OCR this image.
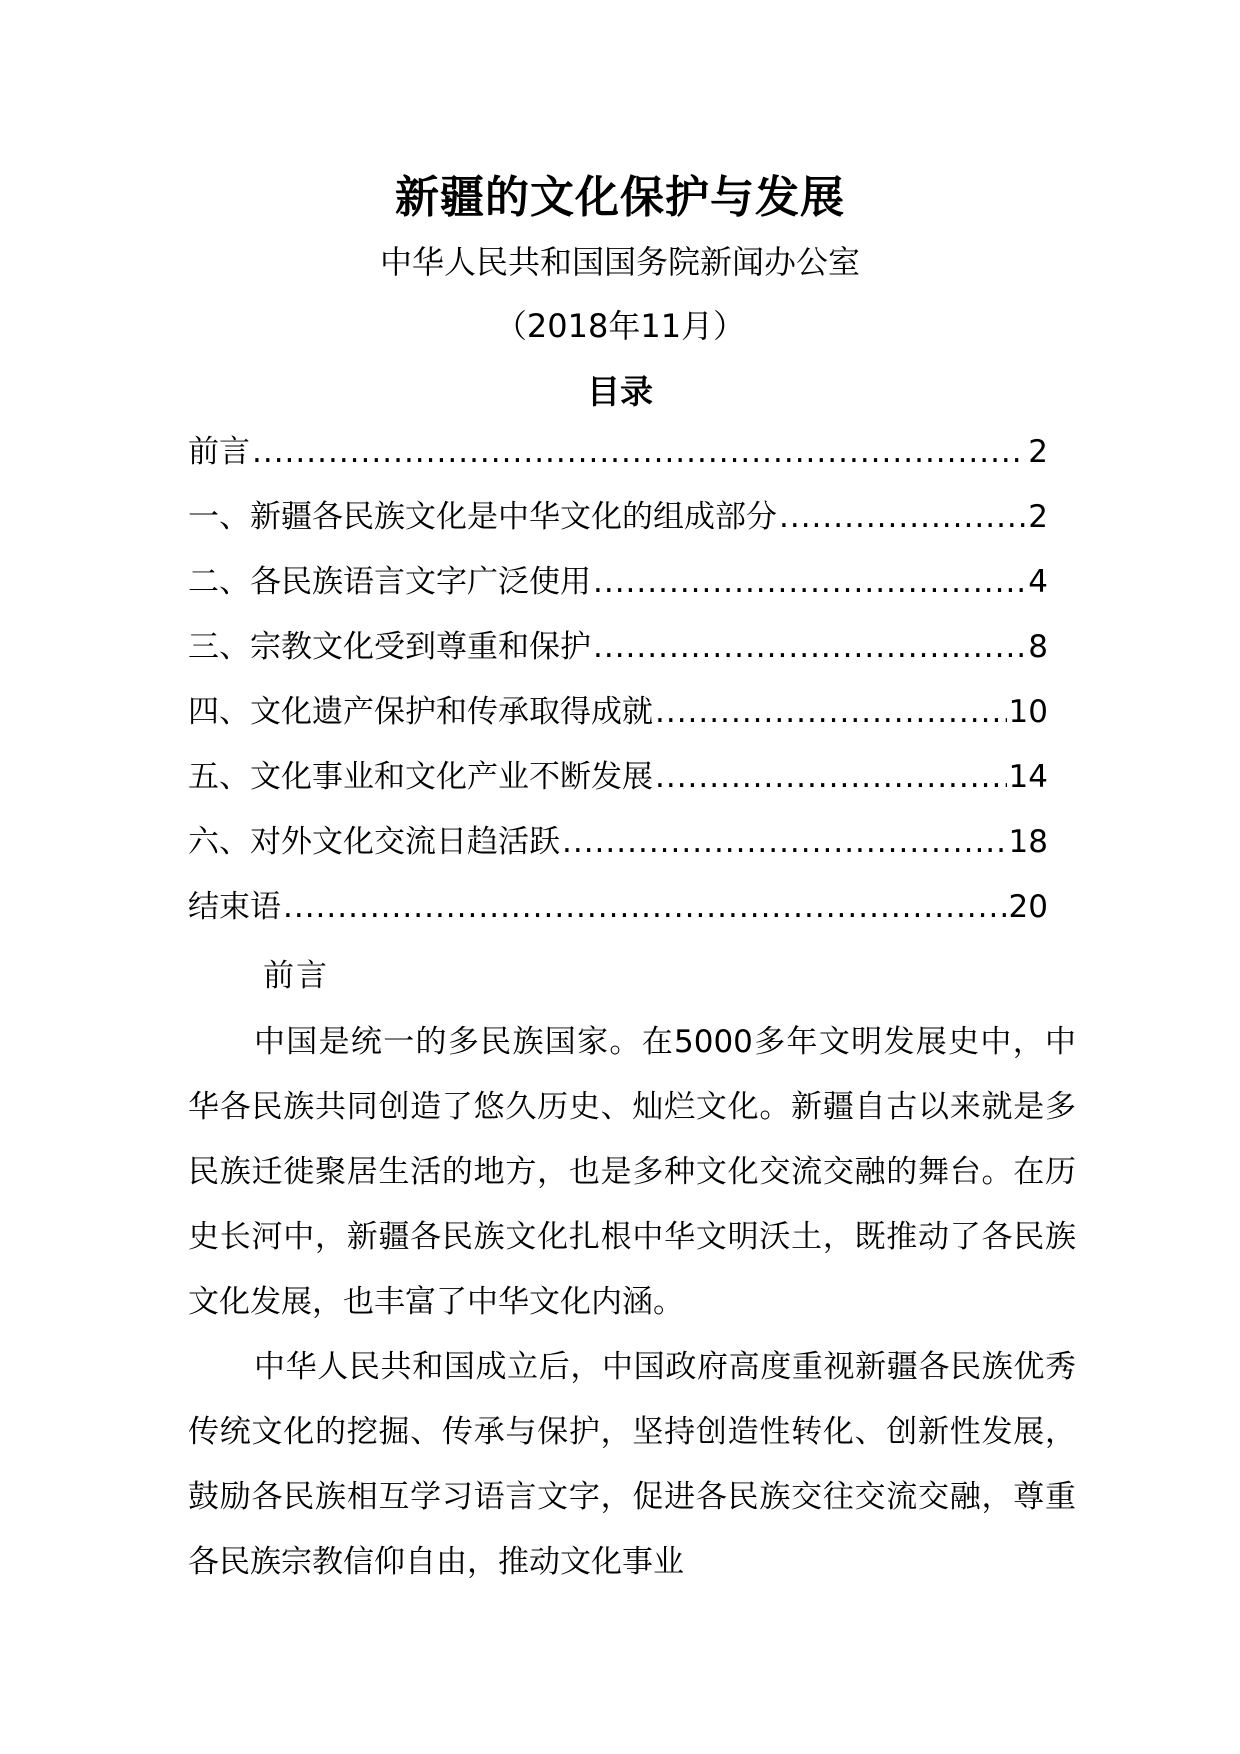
新疆的文化保护与发展
中华人民共和国国务院新闻办公室
（2018年11月）
目录
前言 .....	2
一、新疆各民族文化是中华文化的组成部分 .....	2
二、各民族语言文字广泛使用 .....	4
三、宗教文化受到尊重和保护 .....	8
四、文化遗产保护和传承取得成就 .....	10
五、文化事业和文化产业不断发展 .....	14
六、对外文化交流日趋活跃 .....	18
结束语 .....	20
前言

中国是统一的多民族国家。在5000多年文明发展史中，中华各民族共同创造了悠久历史、灿烂文化。新疆自古以来就是多民族迁徙聚居生活的地方，也是多种文化交流交融的舞台。在历史长河中，新疆各民族文化扎根中华文明沃土，既推动了各民族文化发展，也丰富了中华文化内涵。

中华人民共和国成立后，中国政府高度重视新疆各民族优秀传统文化的挖掘、传承与保护，坚持创造性转化、创新性发展，鼓励各民族相互学习语言文字，促进各民族交往交流交融，尊重各民族宗教信仰自由，推动文化事业
